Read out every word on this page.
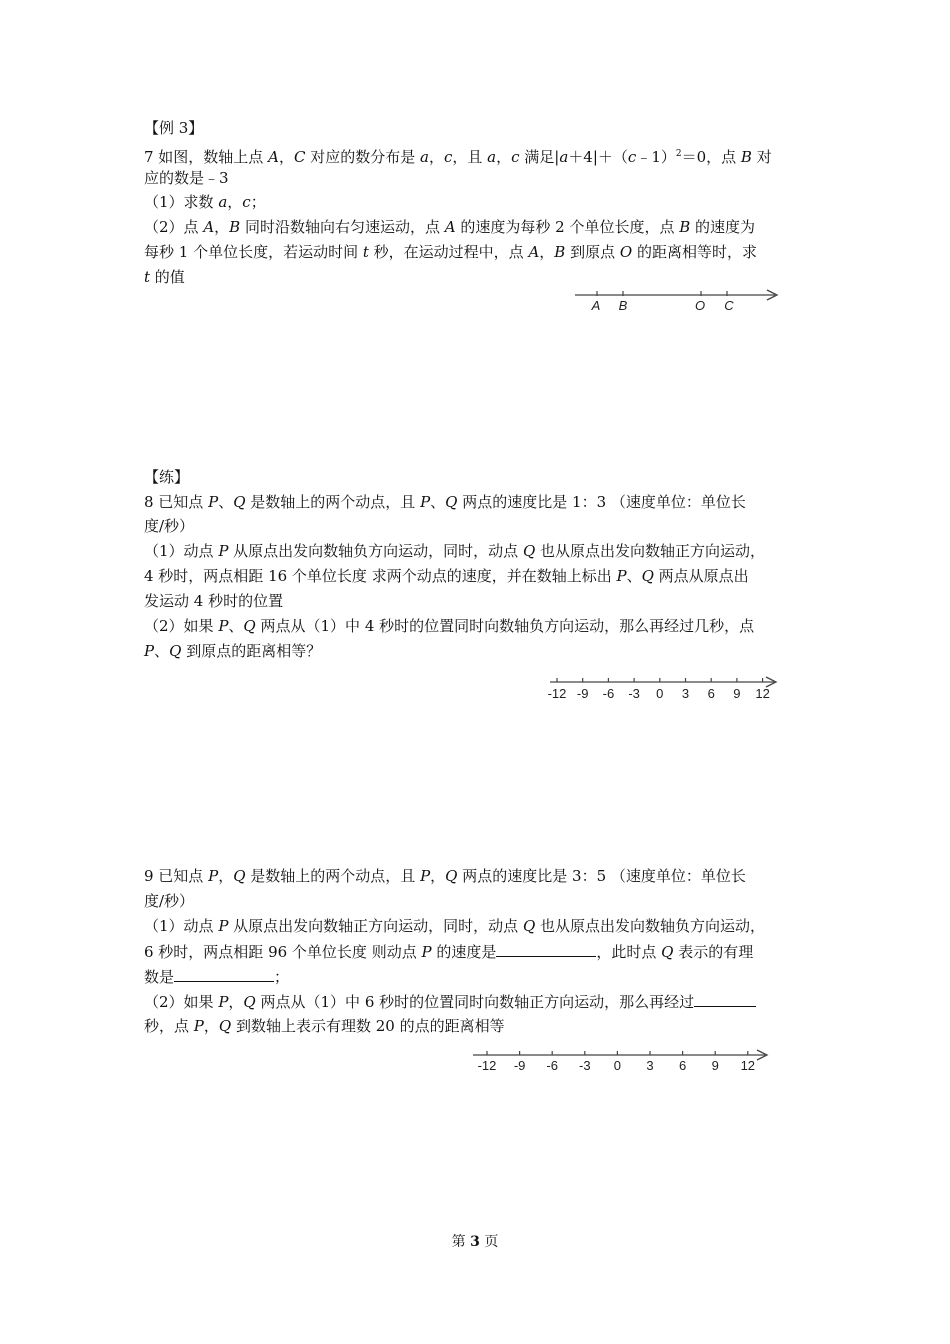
【例 3】
7 如图，数轴上点 A，C 对应的数分布是 a，c，且 a，c 满足|a＋4|＋（c﹣1）$^2$＝0，点 B 对
应的数是﹣3
（1）求数 a，c；
（2）点 A，B 同时沿数轴向右匀速运动，点 A 的速度为每秒 2 个单位长度，点 B 的速度为
每秒 1 个单位长度，若运动时间 t 秒，在运动过程中，点 A，B 到原点 O 的距离相等时，求
t 的值
A B	O C
【练】
8 已知点 P、Q 是数轴上的两个动点，且 P、Q 两点的速度比是 1：3 （速度单位：单位长
度/秒）
（1）动点 P 从原点出发向数轴负方向运动，同时，动点 Q 也从原点出发向数轴正方向运动，
4 秒时，两点相距 16 个单位长度 求两个动点的速度，并在数轴上标出 P、Q 两点从原点出
发运动 4 秒时的位置
（2）如果 P、Q 两点从（1）中 4 秒时的位置同时向数轴负方向运动，那么再经过几秒，点
P、Q 到原点的距离相等？
-12 -9 -6 -3 0 3 6 9 12
9 已知点 P，Q 是数轴上的两个动点，且 P，Q 两点的速度比是 3：5 （速度单位：单位长
度/秒）
（1）动点 P 从原点出发向数轴正方向运动，同时，动点 Q 也从原点出发向数轴负方向运动，
6 秒时，两点相距 96 个单位长度 则动点 P 的速度是	，此时点 Q 表示的有理
数是	；
（2）如果 P，Q 两点从（1）中 6 秒时的位置同时向数轴正方向运动，那么再经过
秒，点 P，Q 到数轴上表示有理数 20 的点的距离相等
-12 -9 -6 -3 0 3 6 9 12
第 3 页
